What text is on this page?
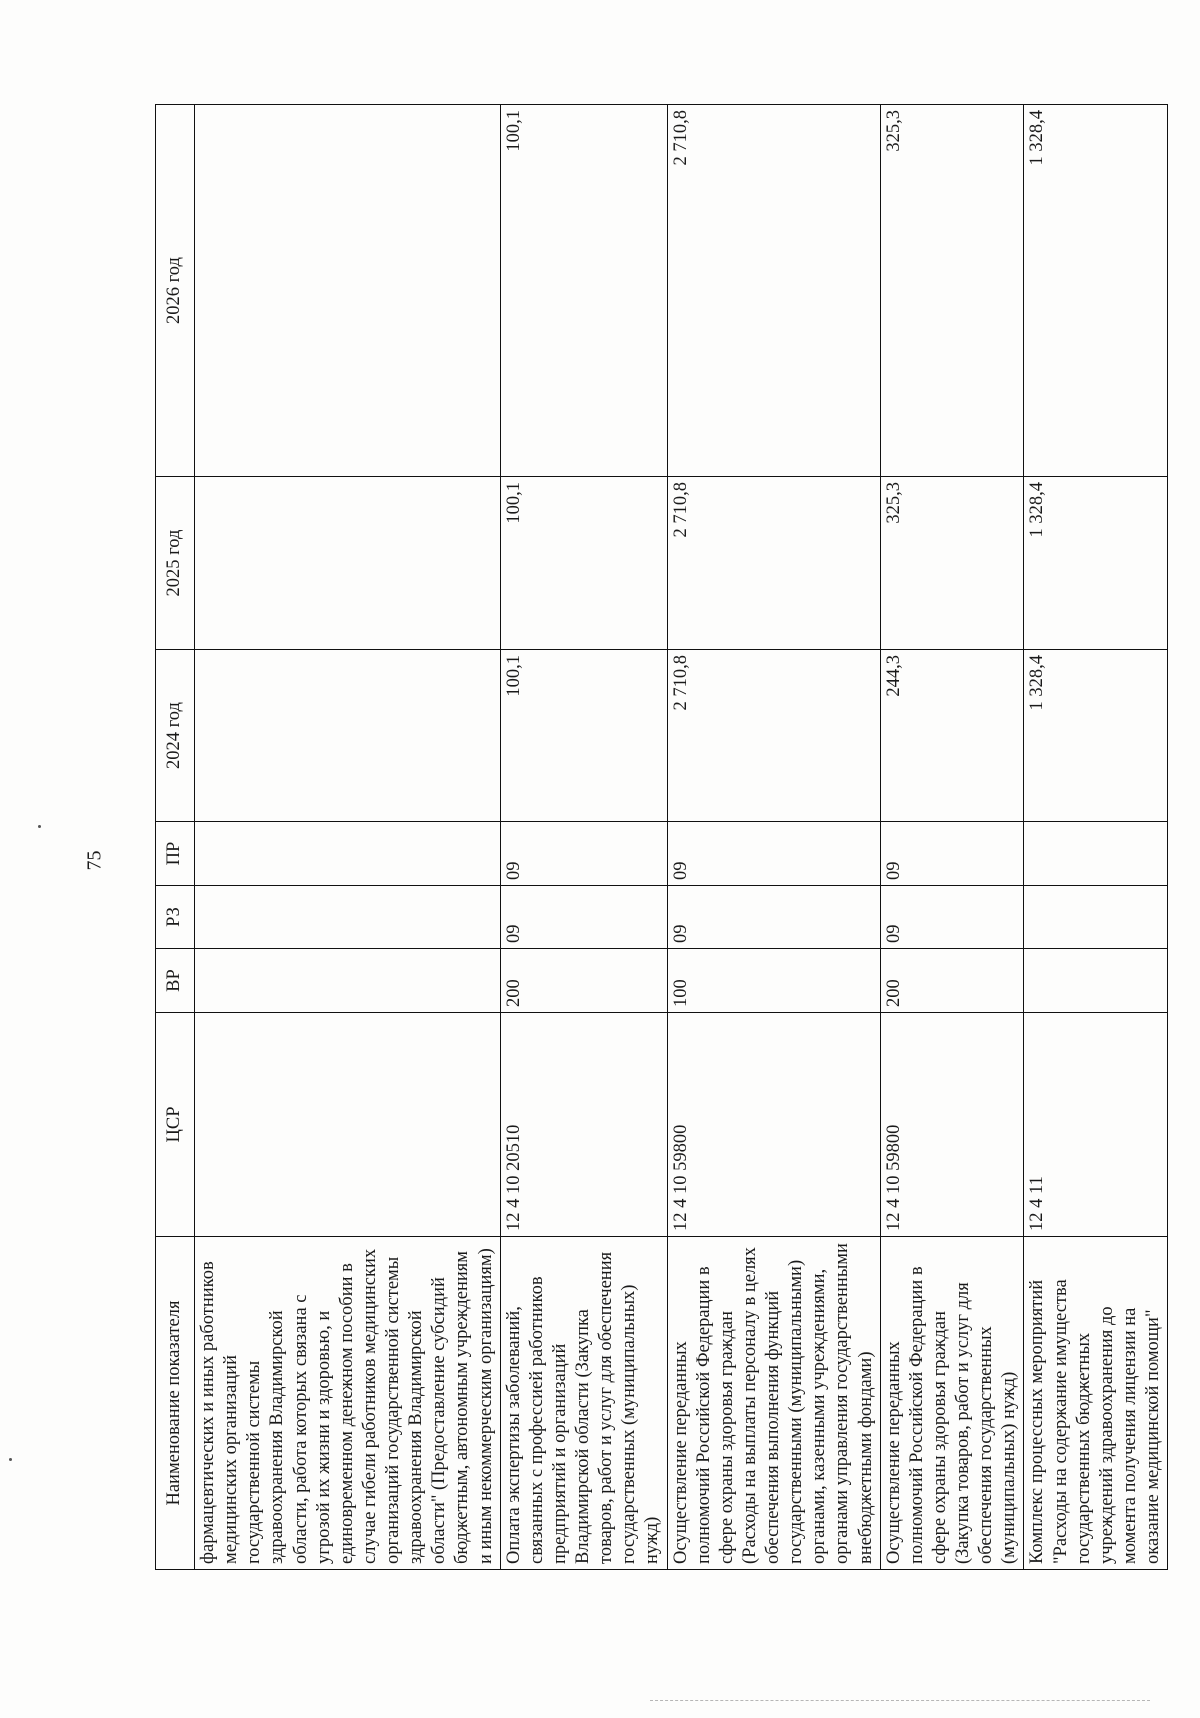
75
Наименование показателя	ЦСР	ВР	РЗ	ПР	2024 год	2025 год	2026 год
фармацевтических и иных работников медицинских организаций государственной системы здравоохранения Владимирской области, работа которых связана с угрозой их жизни и здоровью, и единовременном денежном пособии в случае гибели работников медицинских организаций государственной системы здравоохранения Владимирской области" (Предоставление субсидий бюджетным, автономным учреждениям и иным некоммерческим организациям)							
Оплата экспертизы заболеваний, связанных с профессией работников предприятий и организаций Владимирской области (Закупка товаров, работ и услуг для обеспечения государственных (муниципальных) нужд)	12 4 10 20510	200	09	09	100,1	100,1	100,1
Осуществление переданных полномочий Российской Федерации в сфере охраны здоровья граждан (Расходы на выплаты персоналу в целях обеспечения выполнения функций государственными (муниципальными) органами, казенными учреждениями, органами управления государственными внебюджетными фондами)	12 4 10 59800	100	09	09	2 710,8	2 710,8	2 710,8
Осуществление переданных полномочий Российской Федерации в сфере охраны здоровья граждан (Закупка товаров, работ и услуг для обеспечения государственных (муниципальных) нужд)	12 4 10 59800	200	09	09	244,3	325,3	325,3
Комплекс процессных мероприятий "Расходы на содержание имущества государственных бюджетных учреждений здравоохранения до момента получения лицензии на оказание медицинской помощи"	12 4 11				1 328,4	1 328,4	1 328,4
